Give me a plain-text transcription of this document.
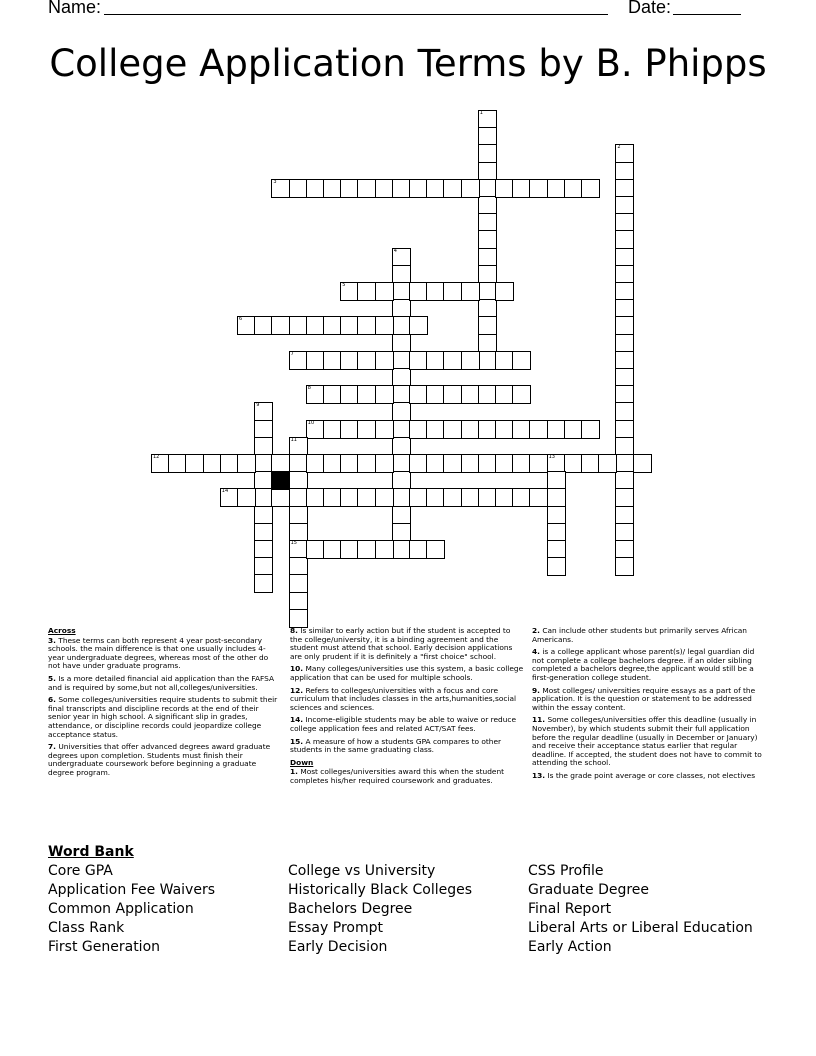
Name:	Date:
College Application Terms by B. Phipps
1
2
3
4
5
6
7
8
9
10
11
15
12	13
14
Across
3. These terms can both represent 4 year post-secondary schools. the main difference is that one usually includes 4-year undergraduate degrees, whereas most of the other do not have under graduate programs.
5. Is a more detailed financial aid application than the FAFSA and is required by some,but not all,colleges/universities.
6. Some colleges/universities require students to submit their final transcripts and discipline records at the end of their senior year in high school. A significant slip in grades, attendance, or discipline records could jeopardize college acceptance status.
7. Universities that offer advanced degrees award graduate degrees upon completion. Students must finish their undergraduate coursework before beginning a graduate degree program.
8. Is similar to early action but if the student is accepted to the college/university, it is a binding agreement and the student must attend that school. Early decision applications are only prudent if it is definitely a "first choice" school.
10. Many colleges/universities use this system, a basic college application that can be used for multiple schools.
12. Refers to colleges/universities with a focus and core curriculum that includes classes in the arts,humanities,social sciences and sciences.
14. Income-eligible students may be able to waive or reduce college application fees and related ACT/SAT fees.
15. A measure of how a students GPA compares to other students in the same graduating class.
Down
1. Most colleges/universities award this when the student completes his/her required coursework and graduates.
2. Can include other students but primarily serves African Americans.
4. is a college applicant whose parent(s)/ legal guardian did not complete a college bachelors degree. if an older sibling completed a bachelors degree,the applicant would still be a first-generation college student.
9. Most colleges/ universities require essays as a part of the application. It is the question or statement to be addressed within the essay content.
11. Some colleges/universities offer this deadline (usually in November), by which students submit their full application before the regular deadline (usually in December or January) and receive their acceptance status earlier that regular deadline. If accepted, the student does not have to commit to attending the school.
13. Is the grade point average or core classes, not electives
Word Bank
Core GPA
Application Fee Waivers
Common Application
Class Rank
First Generation
College vs University
Historically Black Colleges
Bachelors Degree
Essay Prompt
Early Decision
CSS Profile
Graduate Degree
Final Report
Liberal Arts or Liberal Education
Early Action
